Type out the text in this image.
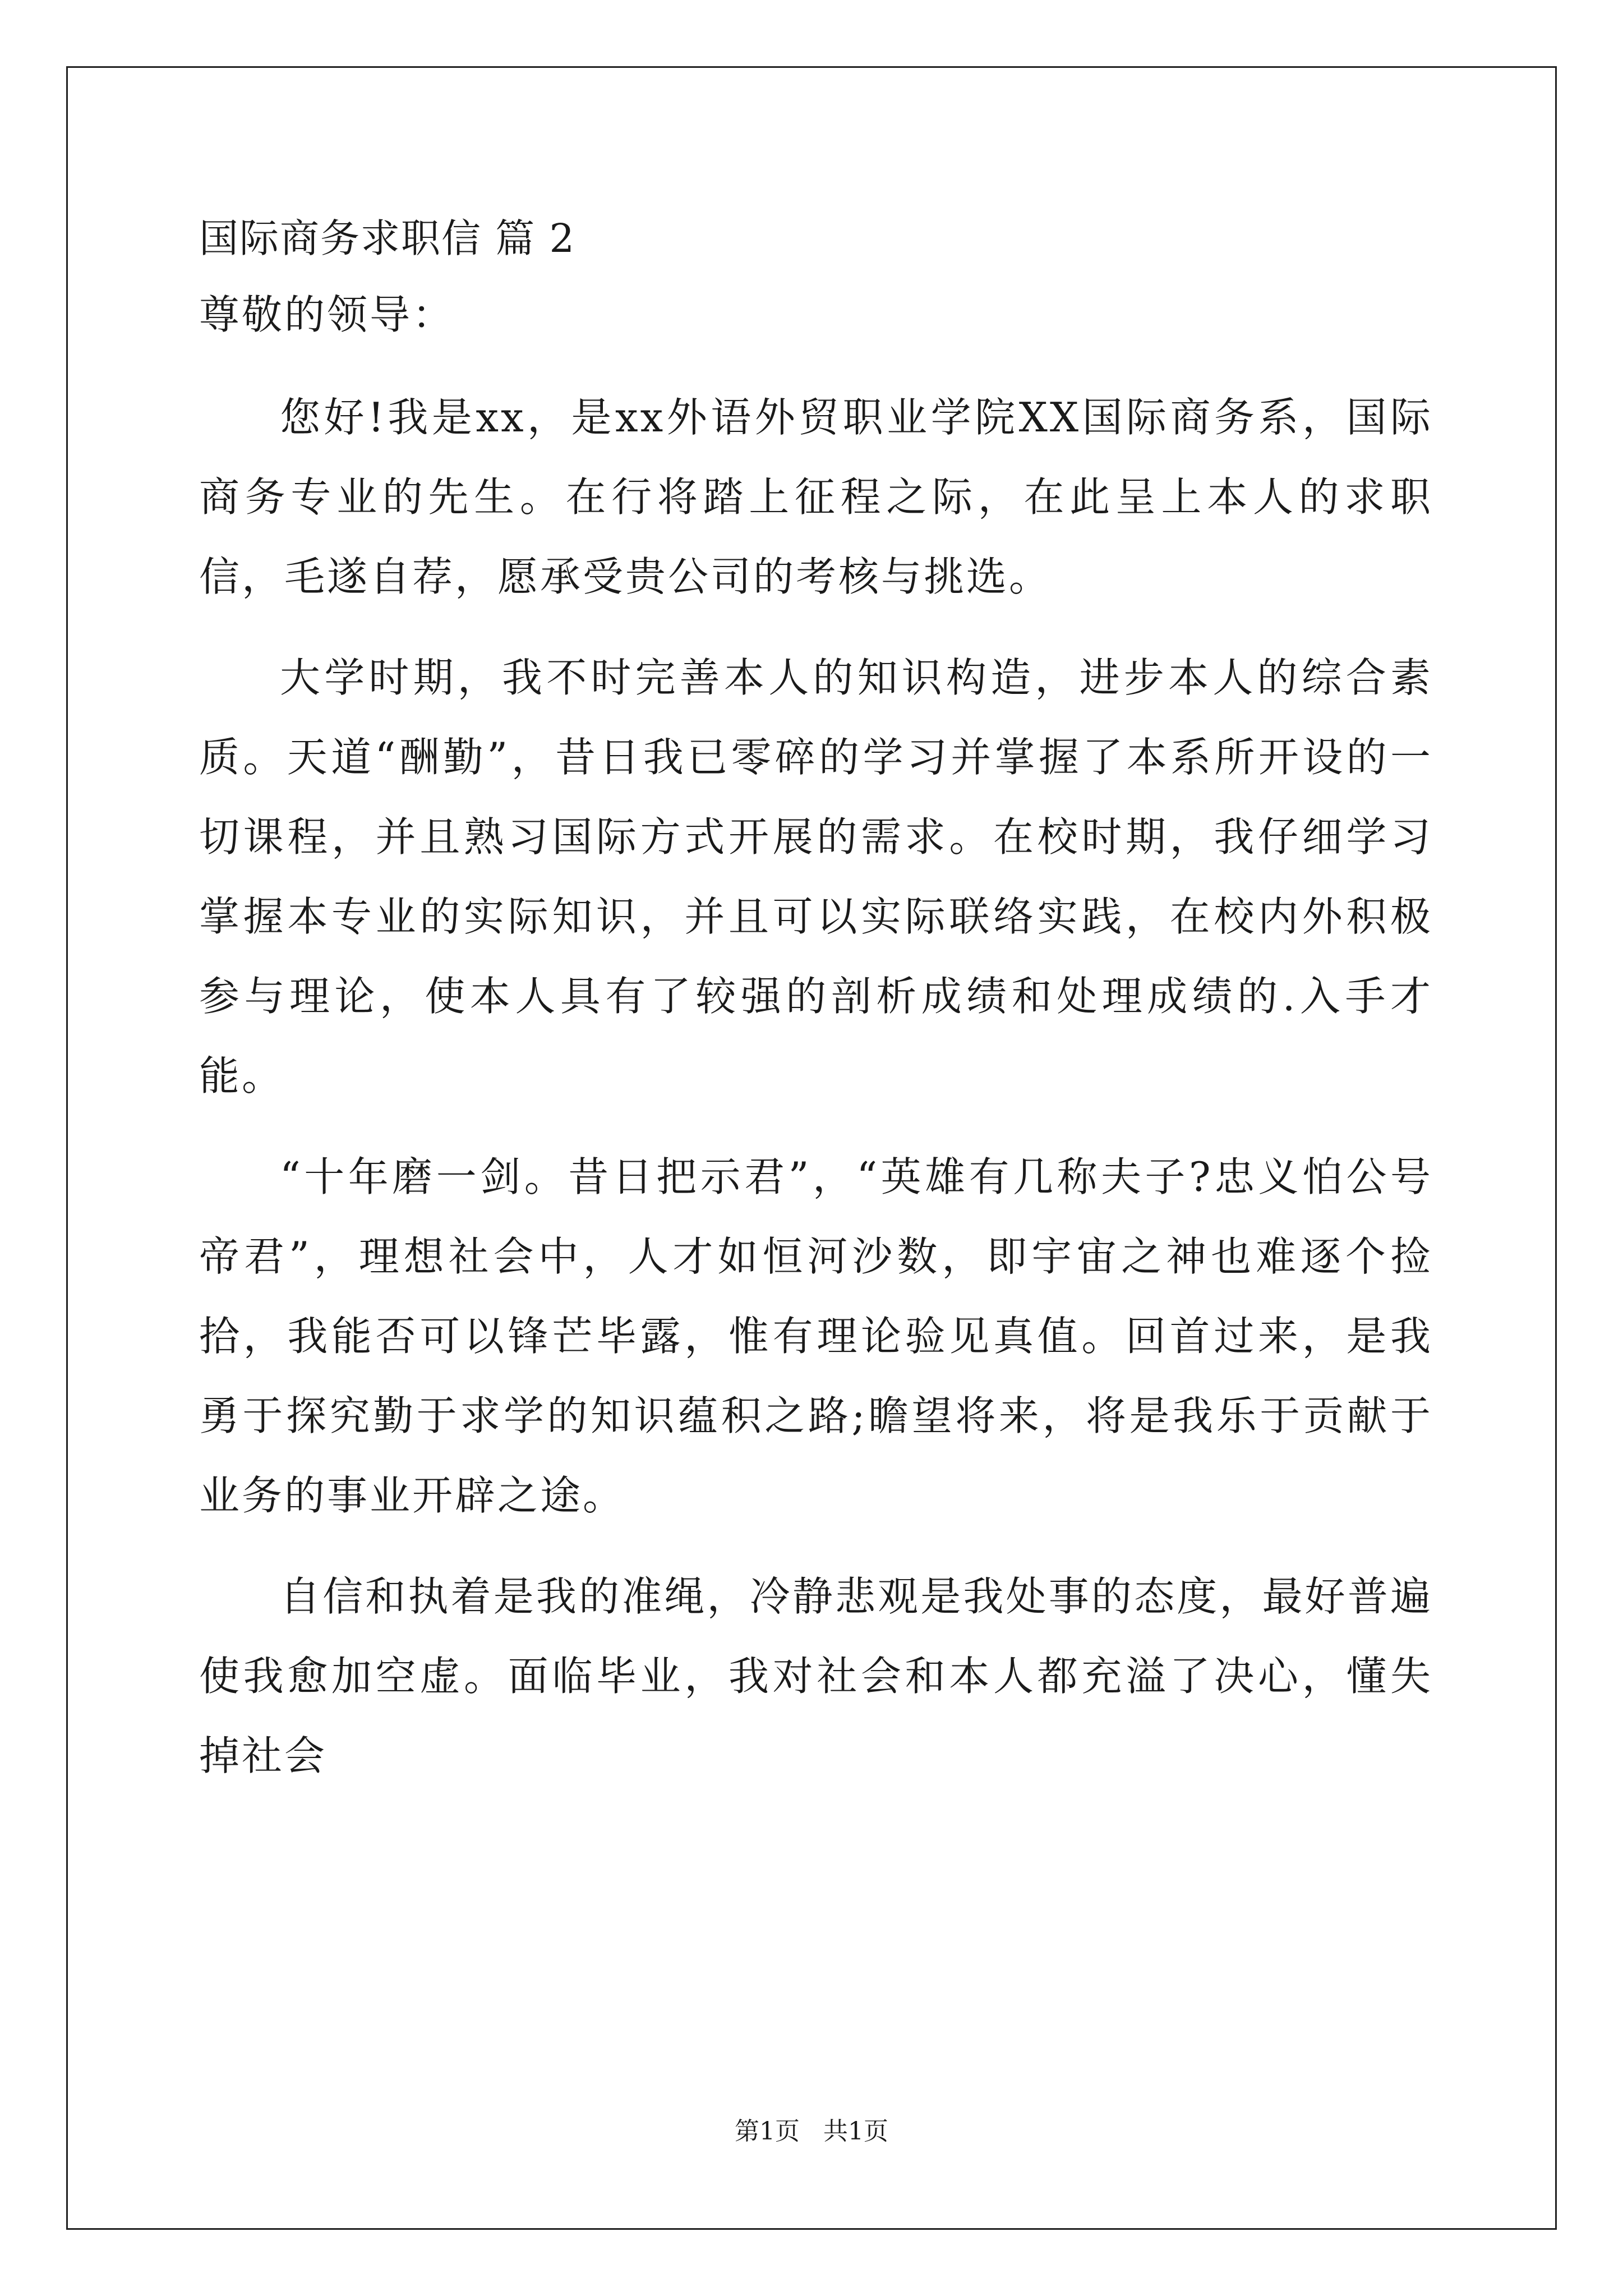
国际商务求职信 篇 2
尊敬的领导：

您好!我是xx，是xx外语外贸职业学院XX国际商务系，国际商务专业的先生。在行将踏上征程之际，在此呈上本人的求职信，毛遂自荐，愿承受贵公司的考核与挑选。

大学时期，我不时完善本人的知识构造，进步本人的综合素质。天道“酬勤”，昔日我已零碎的学习并掌握了本系所开设的一切课程，并且熟习国际方式开展的需求。在校时期，我仔细学习掌握本专业的实际知识，并且可以实际联络实践，在校内外积极参与理论，使本人具有了较强的剖析成绩和处理成绩的.入手才能。

“十年磨一剑。昔日把示君”，“英雄有几称夫子?忠义怕公号帝君”，理想社会中，人才如恒河沙数，即宇宙之神也难逐个捡拾，我能否可以锋芒毕露，惟有理论验见真值。回首过来，是我勇于探究勤于求学的知识蕴积之路;瞻望将来，将是我乐于贡献于业务的事业开辟之途。

自信和执着是我的准绳，冷静悲观是我处事的态度，最好普遍使我愈加空虚。面临毕业，我对社会和本人都充溢了决心，懂失掉社会

第1页   共1页
